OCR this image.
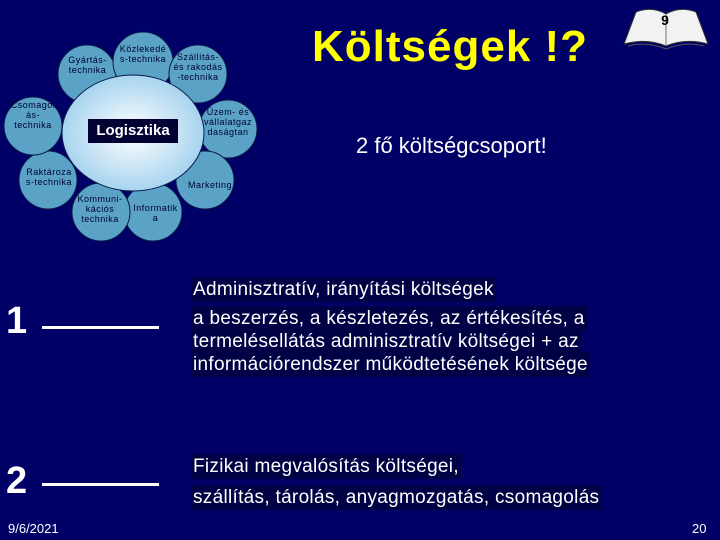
Gyártás-
technika
Közlekedé
s-technika	Szállítás-
és rakodás
-technika
Üzem- és
vállalatgaz
daságtan
Marketing
Informatik
a
Kommuni-
kációs
technika
Raktároza
s-technika
Csomagol
ás-
technika	Logisztika
Költségek !?
9
2 fő költségcsoport!
1
Adminisztratív, irányítási költségek
a beszerzés, a készletezés, az értékesítés, a
termelésellátás adminisztratív költségei + az
információrendszer működtetésének költsége
2	Fizikai megvalósítás költségei,
szállítás, tárolás, anyagmozgatás, csomagolás
9/6/2021	20
